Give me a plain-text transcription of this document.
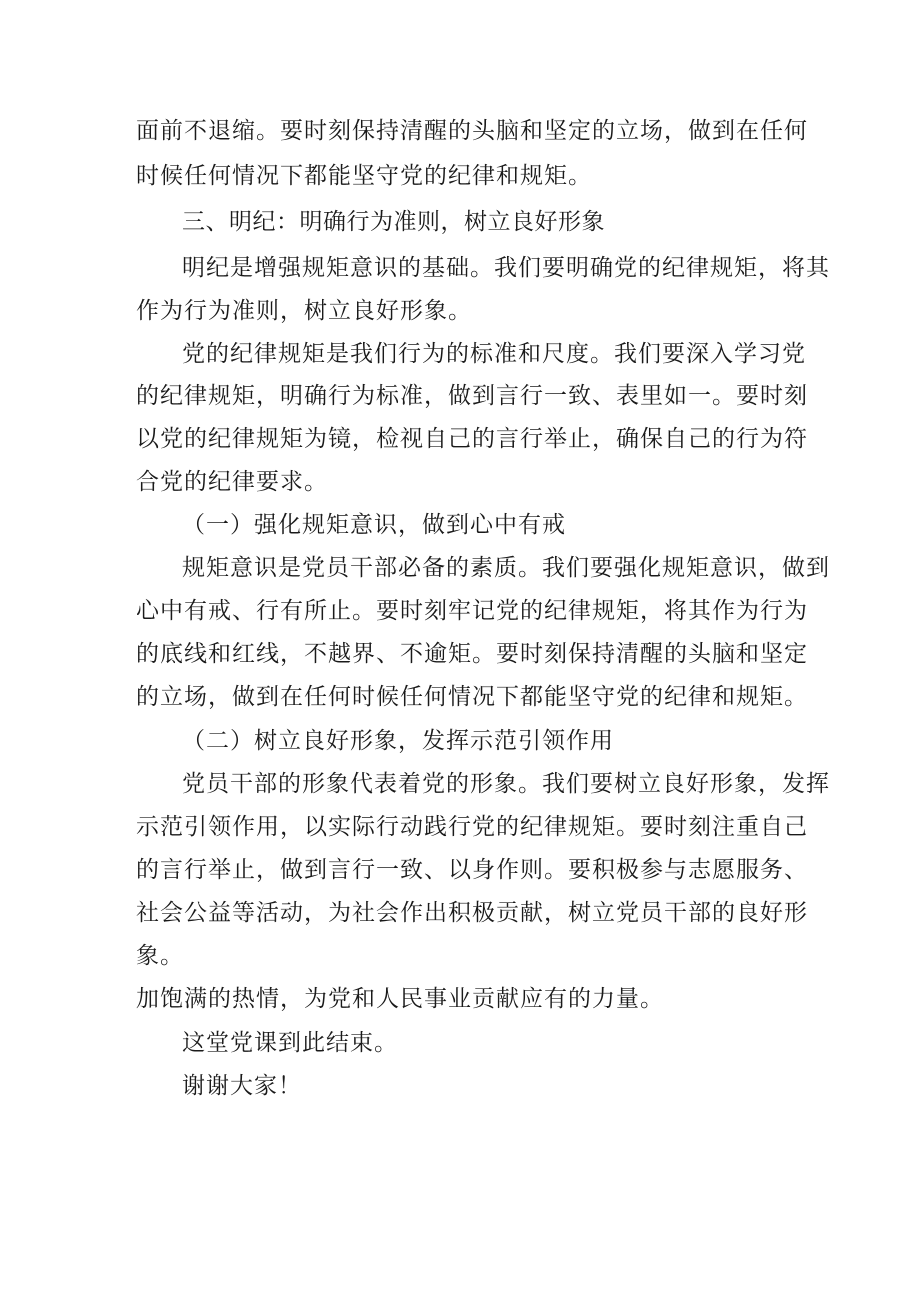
面前不退缩。要时刻保持清醒的头脑和坚定的立场，做到在任何
时候任何情况下都能坚守党的纪律和规矩。
三、明纪：明确行为准则，树立良好形象
明纪是增强规矩意识的基础。我们要明确党的纪律规矩，将其
作为行为准则，树立良好形象。
党的纪律规矩是我们行为的标准和尺度。我们要深入学习党
的纪律规矩，明确行为标准，做到言行一致、表里如一。要时刻
以党的纪律规矩为镜，检视自己的言行举止，确保自己的行为符
合党的纪律要求。
（一）强化规矩意识，做到心中有戒
规矩意识是党员干部必备的素质。我们要强化规矩意识，做到
心中有戒、行有所止。要时刻牢记党的纪律规矩，将其作为行为
的底线和红线，不越界、不逾矩。要时刻保持清醒的头脑和坚定
的立场，做到在任何时候任何情况下都能坚守党的纪律和规矩。
（二）树立良好形象，发挥示范引领作用
党员干部的形象代表着党的形象。我们要树立良好形象，发挥
示范引领作用，以实际行动践行党的纪律规矩。要时刻注重自己
的言行举止，做到言行一致、以身作则。要积极参与志愿服务、
社会公益等活动，为社会作出积极贡献，树立党员干部的良好形
象。
加饱满的热情，为党和人民事业贡献应有的力量。
这堂党课到此结束。
谢谢大家！
